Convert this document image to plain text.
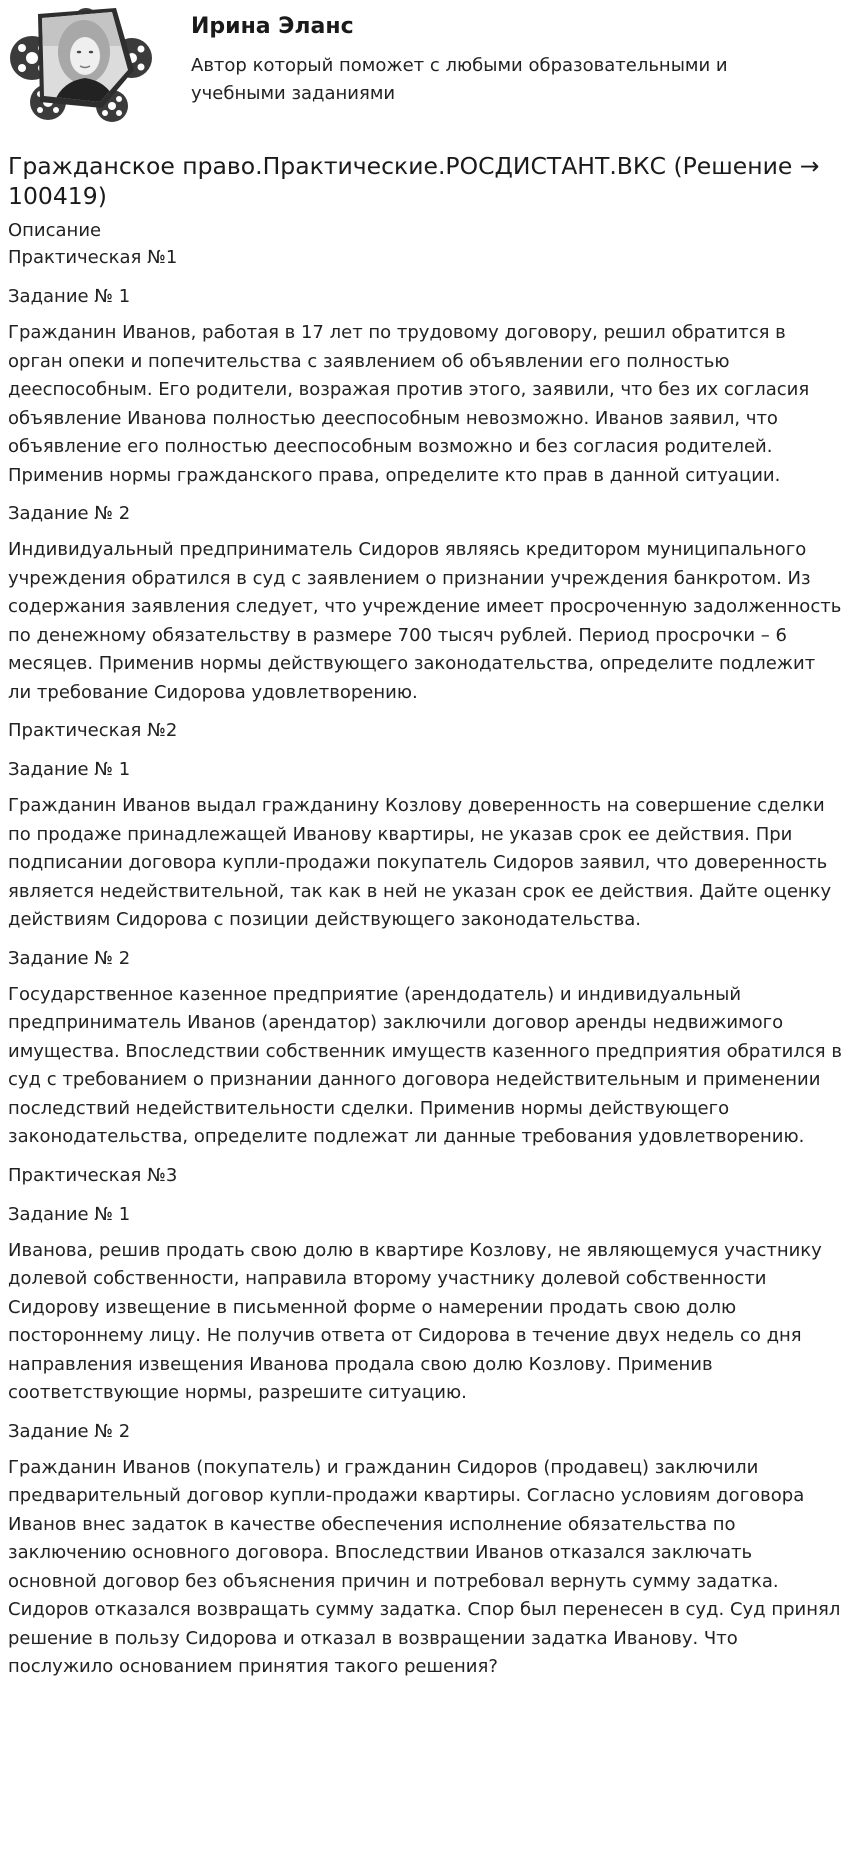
Ирина Эланс

Автор который поможет с любыми образовательными и учебными заданиями

Гражданское право.Практические.РОСДИСТАНТ.ВКС (Решение → 100419)

Описание

Практическая №1

Задание № 1

Гражданин Иванов, работая в 17 лет по трудовому договору, решил обратится в орган опеки и попечительства с заявлением об объявлении его полностью дееспособным. Его родители, возражая против этого, заявили, что без их согласия объявление Иванова полностью дееспособным невозможно. Иванов заявил, что объявление его полностью дееспособным возможно и без согласия родителей. Применив нормы гражданского права, определите кто прав в данной ситуации.

Задание № 2

Индивидуальный предприниматель Сидоров являясь кредитором муниципального учреждения обратился в суд с заявлением о признании учреждения банкротом. Из содержания заявления следует, что учреждение имеет просроченную задолженность по денежному обязательству в размере 700 тысяч рублей. Период просрочки – 6 месяцев. Применив нормы действующего законодательства, определите подлежит ли требование Сидорова удовлетворению.

Практическая №2

Задание № 1

Гражданин Иванов выдал гражданину Козлову доверенность на совершение сделки по продаже принадлежащей Иванову квартиры, не указав срок ее действия. При подписании договора купли-продажи покупатель Сидоров заявил, что доверенность является недействительной, так как в ней не указан срок ее действия. Дайте оценку действиям Сидорова с позиции действующего законодательства.

Задание № 2

Государственное казенное предприятие (арендодатель) и индивидуальный предприниматель Иванов (арендатор) заключили договор аренды недвижимого имущества. Впоследствии собственник имуществ казенного предприятия обратился в суд с требованием о признании данного договора недействительным и применении последствий недействительности сделки. Применив нормы действующего законодательства, определите подлежат ли данные требования удовлетворению.

Практическая №3

Задание № 1

Иванова, решив продать свою долю в квартире Козлову, не являющемуся участнику долевой собственности, направила второму участнику долевой собственности Сидорову извещение в письменной форме о намерении продать свою долю постороннему лицу. Не получив ответа от Сидорова в течение двух недель со дня направления извещения Иванова продала свою долю Козлову. Применив соответствующие нормы, разрешите ситуацию.

Задание № 2

Гражданин Иванов (покупатель) и гражданин Сидоров (продавец) заключили предварительный договор купли-продажи квартиры. Согласно условиям договора Иванов внес задаток в качестве обеспечения исполнение обязательства по заключению основного договора. Впоследствии Иванов отказался заключать основной договор без объяснения причин и потребовал вернуть сумму задатка. Сидоров отказался возвращать сумму задатка. Спор был перенесен в суд. Суд принял решение в пользу Сидорова и отказал в возвращении задатка Иванову. Что послужило основанием принятия такого решения?
